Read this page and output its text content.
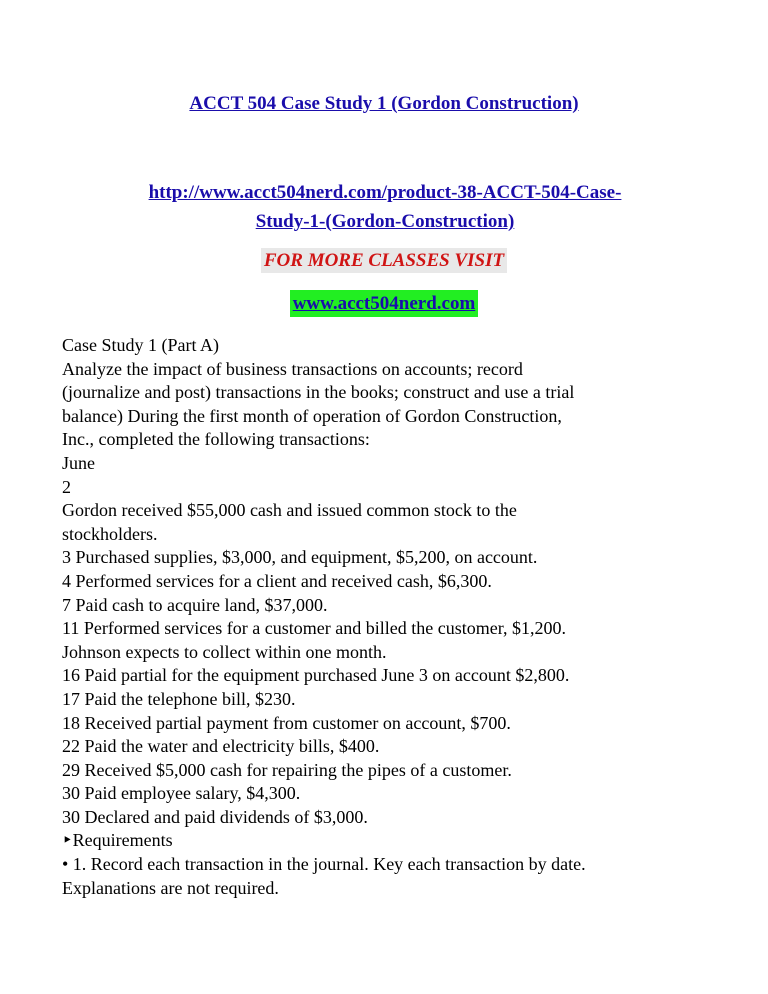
ACCT 504 Case Study 1 (Gordon Construction)
http://www.acct504nerd.com/product-38-ACCT-504-Case-
Study-1-(Gordon-Construction)
FOR MORE CLASSES VISIT
www.acct504nerd.com
Case Study 1 (Part A)
Analyze the impact of business transactions on accounts; record
(journalize and post) transactions in the books; construct and use a trial
balance) During the first month of operation of Gordon Construction,
Inc., completed the following transactions:
June
2
Gordon received $55,000 cash and issued common stock to the
stockholders.
3 Purchased supplies, $3,000, and equipment, $5,200, on account.
4 Performed services for a client and received cash, $6,300.
7 Paid cash to acquire land, $37,000.
11 Performed services for a customer and billed the customer, $1,200.
Johnson expects to collect within one month.
16 Paid partial for the equipment purchased June 3 on account $2,800.
17 Paid the telephone bill, $230.
18 Received partial payment from customer on account, $700.
22 Paid the water and electricity bills, $400.
29 Received $5,000 cash for repairing the pipes of a customer.
30 Paid employee salary, $4,300.
30 Declared and paid dividends of $3,000.
‣Requirements
• 1. Record each transaction in the journal. Key each transaction by date.
Explanations are not required.
